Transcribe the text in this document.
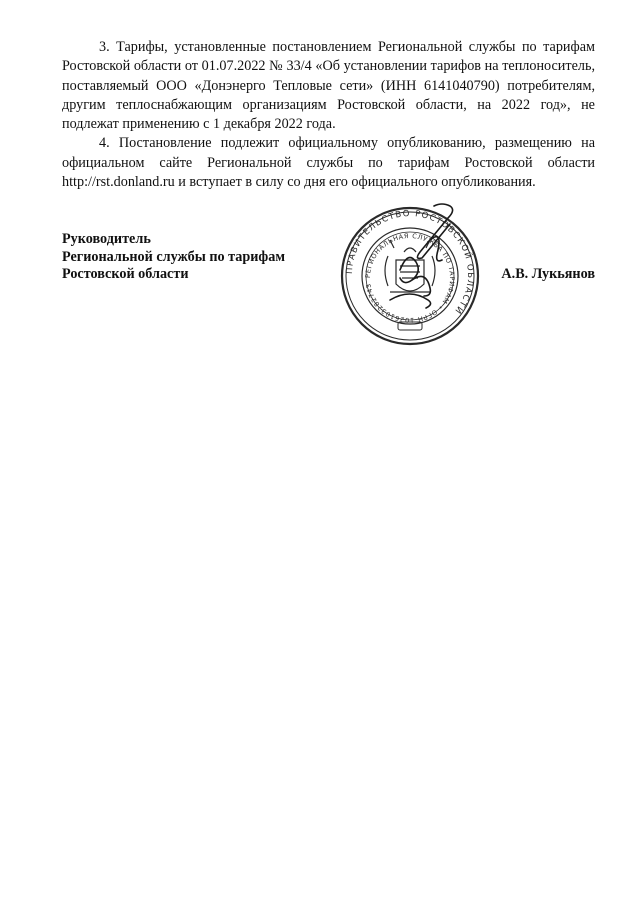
3. Тарифы, установленные постановлением Региональной службы по тарифам Ростовской области от 01.07.2022 № 33/4 «Об установлении тарифов на теплоноситель, поставляемый ООО «Донэнерго Тепловые сети» (ИНН 6141040790) потребителям, другим теплоснабжающим организациям Ростовской области, на 2022 год», не подлежат применению с 1 декабря 2022 года.

4. Постановление подлежит официальному опубликованию, размещению на официальном сайте Региональной службы по тарифам Ростовской области http://rst.donland.ru и вступает в силу со дня его официального опубликования.

Руководитель
Региональной службы по тарифам
Ростовской области	А.В. Лукьянов
ПРАВИТЕЛЬСТВО РОСТОВСКОЙ ОБЛАСТИ
РЕГИОНАЛЬНАЯ СЛУЖБА ПО ТАРИФАМ • ОГРН 1026103282743
